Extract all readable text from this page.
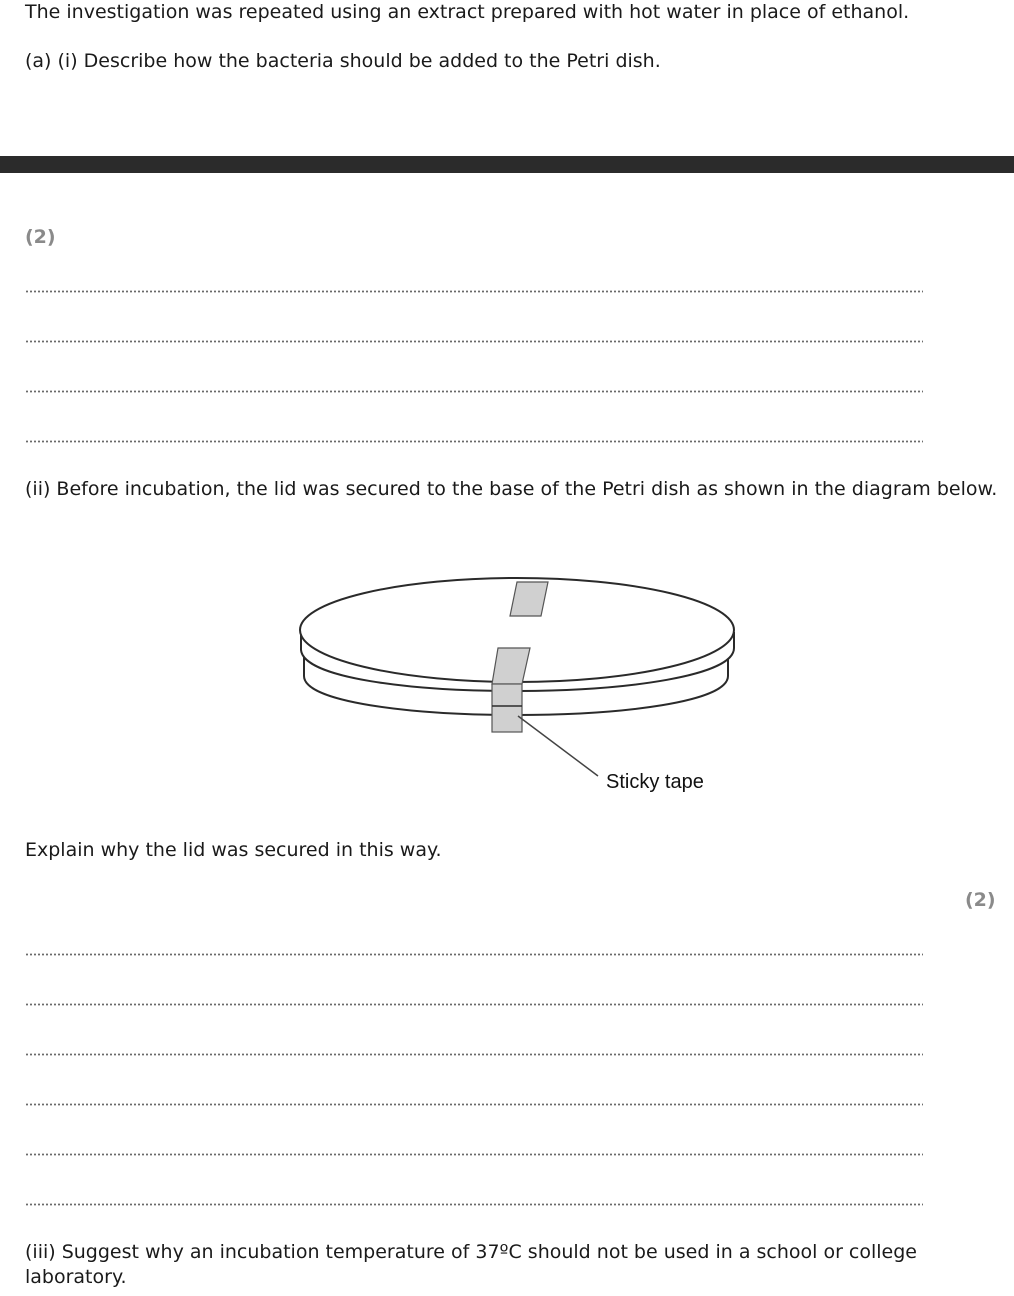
The investigation was repeated using an extract prepared with hot water in place of ethanol.

(a) (i) Describe how the bacteria should be added to the Petri dish.

(2)

(ii) Before incubation, the lid was secured to the base of the Petri dish as shown in the diagram below.

Sticky tape

Explain why the lid was secured in this way.

(2)

(iii) Suggest why an incubation temperature of 37ºC should not be used in a school or college laboratory.
